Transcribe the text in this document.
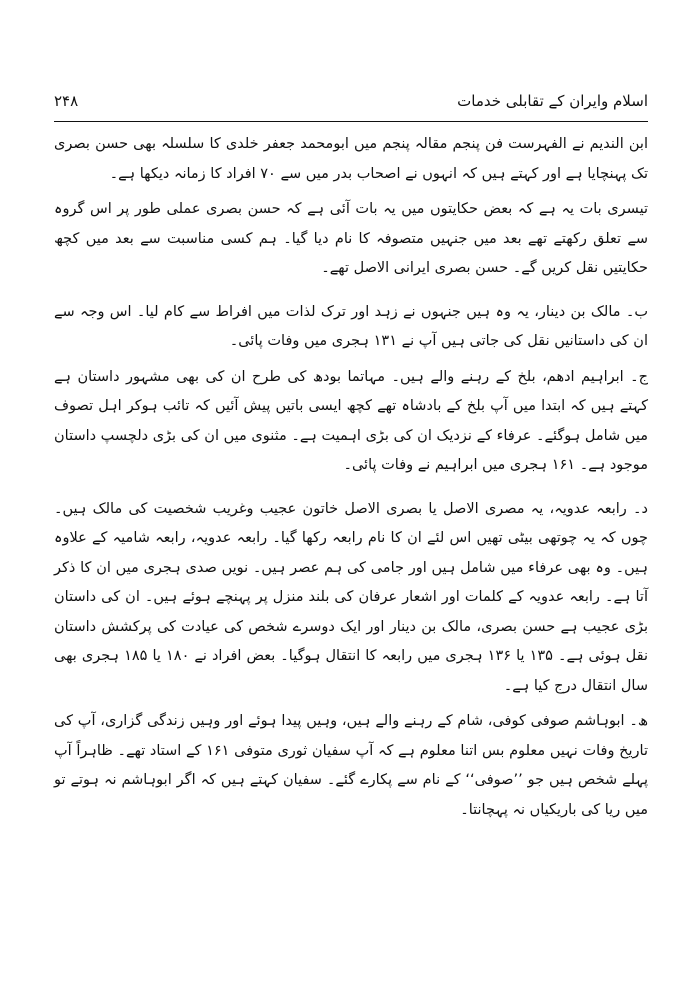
اسلام وایران کے تقابلی خدمات
۲۴۸

ابن الندیم نے الفہرست فن پنجم مقالہ پنجم میں ابومحمد جعفر خلدی کا سلسلہ بھی حسن بصری تک پہنچایا ہے اور کہتے ہیں کہ انہوں نے اصحاب بدر میں سے ۷۰ افراد کا زمانہ دیکھا ہے۔

تیسری بات یہ ہے کہ بعض حکایتوں میں یہ بات آئی ہے کہ حسن بصری عملی طور پر اس گروہ سے تعلق رکھتے تھے بعد میں جنہیں متصوفہ کا نام دیا گیا۔ ہم کسی مناسبت سے بعد میں کچھ حکایتیں نقل کریں گے۔ حسن بصری ایرانی الاصل تھے۔

ب۔ مالک بن دینار، یہ وہ ہیں جنہوں نے زہد اور ترک لذات میں افراط سے کام لیا۔ اس وجہ سے ان کی داستانیں نقل کی جاتی ہیں آپ نے ۱۳۱ ہجری میں وفات پائی۔

ج۔ ابراہیم ادھم، بلخ کے رہنے والے ہیں۔ مہاتما بودھ کی طرح ان کی بھی مشہور داستان ہے کہتے ہیں کہ ابتدا میں آپ بلخ کے بادشاہ تھے کچھ ایسی باتیں پیش آئیں کہ تائب ہوکر اہل تصوف میں شامل ہوگئے۔ عرفاء کے نزدیک ان کی بڑی اہمیت ہے۔ مثنوی میں ان کی بڑی دلچسپ داستان موجود ہے۔ ۱۶۱ ہجری میں ابراہیم نے وفات پائی۔

د۔ رابعہ عدویہ، یہ مصری الاصل یا بصری الاصل خاتون عجیب وغریب شخصیت کی مالک ہیں۔ چوں کہ یہ چوتھی بیٹی تھیں اس لئے ان کا نام رابعہ رکھا گیا۔ رابعہ عدویہ، رابعہ شامیہ کے علاوہ ہیں۔ وہ بھی عرفاء میں شامل ہیں اور جامی کی ہم عصر ہیں۔ نویں صدی ہجری میں ان کا ذکر آتا ہے۔ رابعہ عدویہ کے کلمات اور اشعار عرفان کی بلند منزل پر پہنچے ہوئے ہیں۔ ان کی داستان بڑی عجیب ہے حسن بصری، مالک بن دینار اور ایک دوسرے شخص کی عیادت کی پرکشش داستان نقل ہوئی ہے۔ ۱۳۵ یا ۱۳۶ ہجری میں رابعہ کا انتقال ہوگیا۔ بعض افراد نے ۱۸۰ یا ۱۸۵ ہجری بھی سال انتقال درج کیا ہے۔

ھ۔ ابوہاشم صوفی کوفی، شام کے رہنے والے ہیں، وہیں پیدا ہوئے اور وہیں زندگی گزاری، آپ کی تاریخ وفات نہیں معلوم بس اتنا معلوم ہے کہ آپ سفیان ثوری متوفی ۱۶۱ کے استاد تھے۔ ظاہراً آپ پہلے شخص ہیں جو ’’صوفی‘‘ کے نام سے پکارے گئے۔ سفیان کہتے ہیں کہ اگر ابوہاشم نہ ہوتے تو میں ریا کی باریکیاں نہ پہچانتا۔
